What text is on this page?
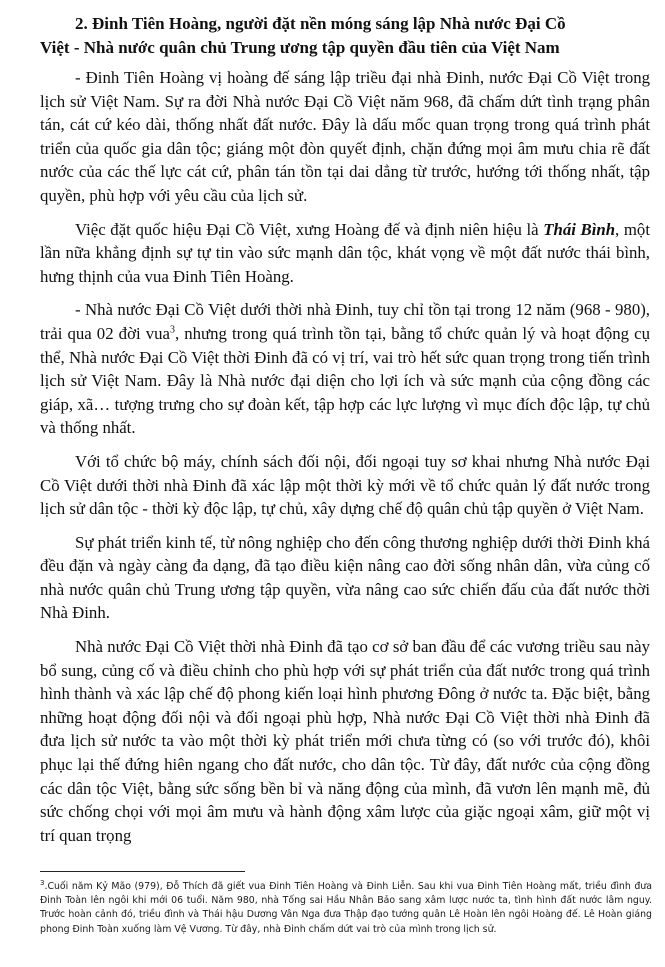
2. Đinh Tiên Hoàng, người đặt nền móng sáng lập Nhà nước Đại Cồ
Việt - Nhà nước quân chủ Trung ương tập quyền đầu tiên của Việt Nam

- Đinh Tiên Hoàng vị hoàng đế sáng lập triều đại nhà Đinh, nước Đại Cồ Việt trong lịch sử Việt Nam. Sự ra đời Nhà nước Đại Cồ Việt năm 968, đã chấm dứt tình trạng phân tán, cát cứ kéo dài, thống nhất đất nước. Đây là dấu mốc quan trọng trong quá trình phát triển của quốc gia dân tộc; giáng một đòn quyết định, chặn đứng mọi âm mưu chia rẽ đất nước của các thế lực cát cứ, phân tán tồn tại dai dẳng từ trước, hướng tới thống nhất, tập quyền, phù hợp với yêu cầu của lịch sử.

Việc đặt quốc hiệu Đại Cồ Việt, xưng Hoàng đế và định niên hiệu là Thái Bình, một lần nữa khẳng định sự tự tin vào sức mạnh dân tộc, khát vọng về một đất nước thái bình, hưng thịnh của vua Đinh Tiên Hoàng.

- Nhà nước Đại Cồ Việt dưới thời nhà Đinh, tuy chỉ tồn tại trong 12 năm (968 - 980), trải qua 02 đời vua$^3$, nhưng trong quá trình tồn tại, bằng tổ chức quản lý và hoạt động cụ thể, Nhà nước Đại Cồ Việt thời Đinh đã có vị trí, vai trò hết sức quan trọng trong tiến trình lịch sử Việt Nam. Đây là Nhà nước đại diện cho lợi ích và sức mạnh của cộng đồng các giáp, xã… tượng trưng cho sự đoàn kết, tập hợp các lực lượng vì mục đích độc lập, tự chủ và thống nhất.

Với tổ chức bộ máy, chính sách đối nội, đối ngoại tuy sơ khai nhưng Nhà nước Đại Cồ Việt dưới thời nhà Đinh đã xác lập một thời kỳ mới về tổ chức quản lý đất nước trong lịch sử dân tộc - thời kỳ độc lập, tự chủ, xây dựng chế độ quân chủ tập quyền ở Việt Nam.

Sự phát triển kinh tế, từ nông nghiệp cho đến công thương nghiệp dưới thời Đinh khá đều đặn và ngày càng đa dạng, đã tạo điều kiện nâng cao đời sống nhân dân, vừa củng cố nhà nước quân chủ Trung ương tập quyền, vừa nâng cao sức chiến đấu của đất nước thời Nhà Đinh.

Nhà nước Đại Cồ Việt thời nhà Đinh đã tạo cơ sở ban đầu để các vương triều sau này bổ sung, củng cố và điều chỉnh cho phù hợp với sự phát triển của đất nước trong quá trình hình thành và xác lập chế độ phong kiến loại hình phương Đông ở nước ta. Đặc biệt, bằng những hoạt động đối nội và đối ngoại phù hợp, Nhà nước Đại Cồ Việt thời nhà Đinh đã đưa lịch sử nước ta vào một thời kỳ phát triển mới chưa từng có (so với trước đó), khôi phục lại thế đứng hiên ngang cho đất nước, cho dân tộc. Từ đây, đất nước của cộng đồng các dân tộc Việt, bằng sức sống bền bỉ và năng động của mình, đã vươn lên mạnh mẽ, đủ sức chống chọi với mọi âm mưu và hành động xâm lược của giặc ngoại xâm, giữ một vị trí quan trọng

$^3$.Cuối năm Kỷ Mão (979), Đỗ Thích đã giết vua Đinh Tiên Hoàng và Đinh Liễn. Sau khi vua Đinh Tiên Hoàng mất, triều đình đưa Đinh Toàn lên ngôi khi mới 06 tuổi. Năm 980, nhà Tống sai Hầu Nhân Bảo sang xâm lược nước ta, tình hình đất nước lâm nguy. Trước hoàn cảnh đó, triều đình và Thái hậu Dương Vân Nga đưa Thập đạo tướng quân Lê Hoàn lên ngôi Hoàng đế. Lê Hoàn giáng phong Đinh Toàn xuống làm Vệ Vương. Từ đây, nhà Đinh chấm dứt vai trò của mình trong lịch sử.
